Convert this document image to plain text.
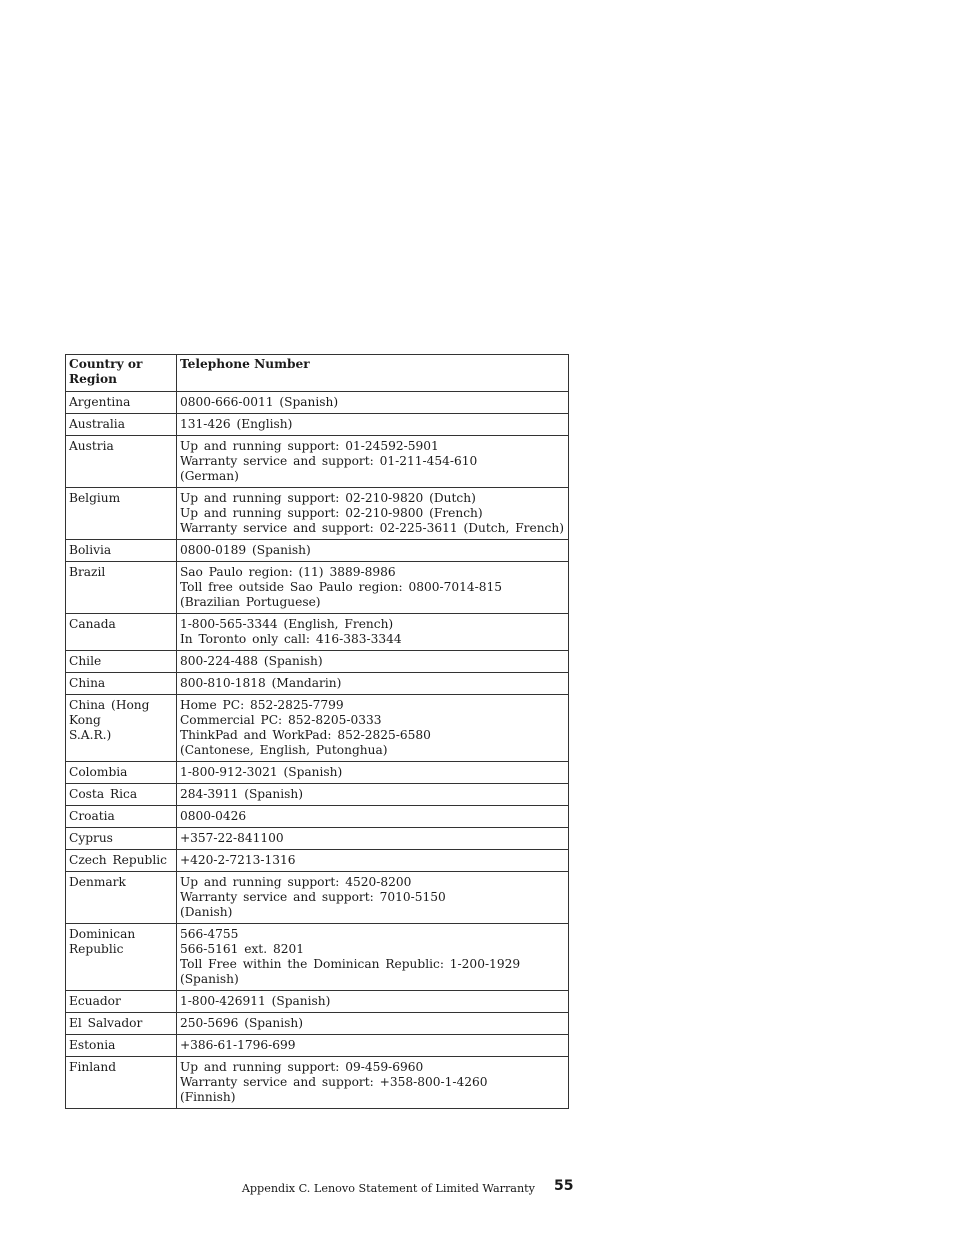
Country or Region	Telephone Number

Argentina	0800-666-0011 (Spanish)

Australia	131-426 (English)

Austria	Up and running support: 01-24592-5901
Warranty service and support: 01-211-454-610
(German)

Belgium	Up and running support: 02-210-9820 (Dutch)
Up and running support: 02-210-9800 (French)
Warranty service and support: 02-225-3611 (Dutch, French)

Bolivia	0800-0189 (Spanish)

Brazil	Sao Paulo region: (11) 3889-8986
Toll free outside Sao Paulo region: 0800-7014-815
(Brazilian Portuguese)

Canada	1-800-565-3344 (English, French)
In Toronto only call: 416-383-3344

Chile	800-224-488 (Spanish)

China	800-810-1818 (Mandarin)

China (Hong Kong
S.A.R.)	Home PC: 852-2825-7799
Commercial PC: 852-8205-0333
ThinkPad and WorkPad: 852-2825-6580
(Cantonese, English, Putonghua)

Colombia	1-800-912-3021 (Spanish)

Costa Rica	284-3911 (Spanish)

Croatia	0800-0426

Cyprus	+357-22-841100

Czech Republic	+420-2-7213-1316

Denmark	Up and running support: 4520-8200
Warranty service and support: 7010-5150
(Danish)

Dominican Republic	566-4755
566-5161 ext. 8201
Toll Free within the Dominican Republic: 1-200-1929
(Spanish)

Ecuador	1-800-426911 (Spanish)

El Salvador	250-5696 (Spanish)

Estonia	+386-61-1796-699

Finland	Up and running support: 09-459-6960
Warranty service and support: +358-800-1-4260
(Finnish)
Appendix C. Lenovo Statement of Limited Warranty 55
